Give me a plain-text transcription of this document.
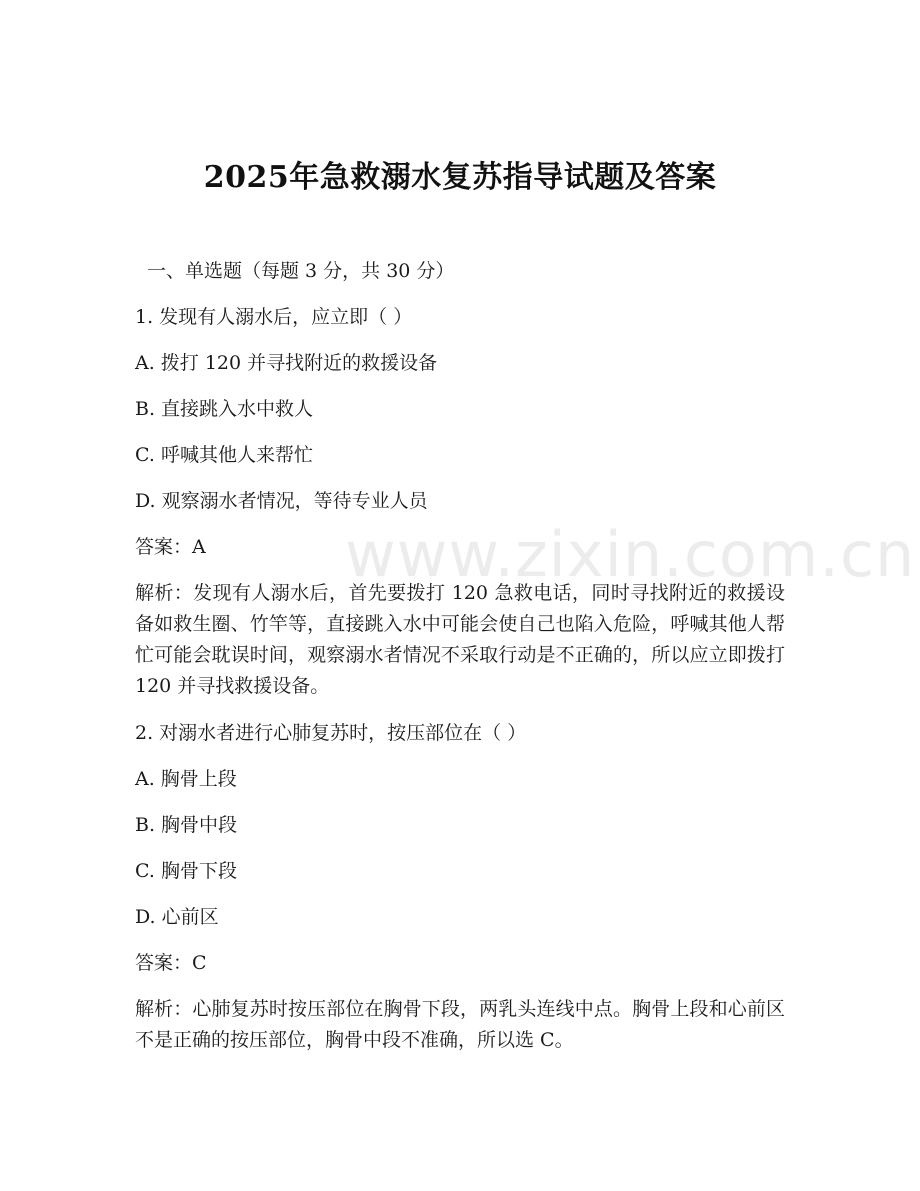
www.zixin.com.cn
2025年急救溺水复苏指导试题及答案
一、单选题（每题 3 分，共 30 分）
1. 发现有人溺水后，应立即（ ）
A. 拨打 120 并寻找附近的救援设备
B. 直接跳入水中救人
C. 呼喊其他人来帮忙
D. 观察溺水者情况，等待专业人员
答案：A
解析：发现有人溺水后，首先要拨打 120 急救电话，同时寻找附近的救援设备如救生圈、竹竿等，直接跳入水中可能会使自己也陷入危险，呼喊其他人帮忙可能会耽误时间，观察溺水者情况不采取行动是不正确的，所以应立即拨打 120 并寻找救援设备。
2. 对溺水者进行心肺复苏时，按压部位在（ ）
A. 胸骨上段
B. 胸骨中段
C. 胸骨下段
D. 心前区
答案：C
解析：心肺复苏时按压部位在胸骨下段，两乳头连线中点。胸骨上段和心前区不是正确的按压部位，胸骨中段不准确，所以选 C。
